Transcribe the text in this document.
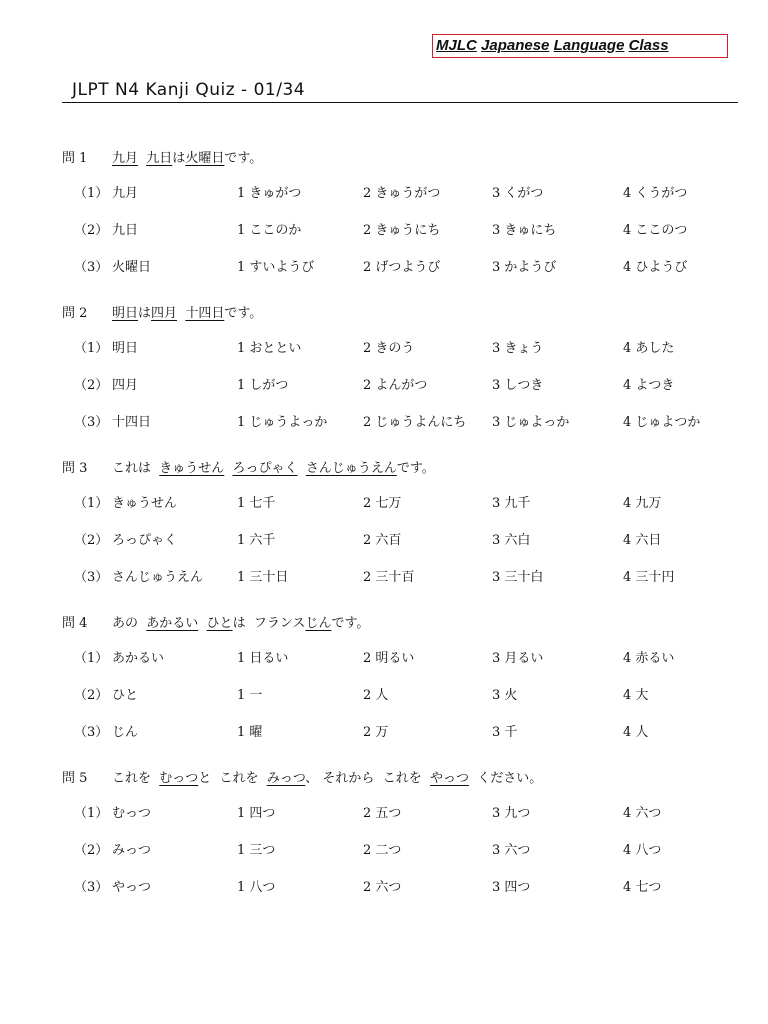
MJLC Japanese Language Class
JLPT N4 Kanji Quiz - 01/34
問 1 九月 九日は火曜日です。
（1） 九月	1 きゅがつ	2 きゅうがつ	3 くがつ	4 くうがつ
（2） 九日	1 ここのか	2 きゅうにち	3 きゅにち	4 ここのつ
（3） 火曜日	1 すいようび	2 げつようび	3 かようび	4 ひようび
問 2 明日は四月 十四日です。
（1） 明日	1 おととい	2 きのう	3 きょう	4 あした
（2） 四月	1 しがつ	2 よんがつ	3 しつき	4 よつき
（3） 十四日	1 じゅうよっか	2 じゅうよんにち 3 じゅよっか	4 じゅよつか
問 3 これは  きゅうせん ろっぴゃく さんじゅうえんです。
（1） きゅうせん	1 七千	2 七万	3 九千	4 九万
（2） ろっぴゃく	1 六千	2 六百	3 六白	4 六日
（3） さんじゅうえん	1 三十日	2 三十百	3 三十白	4 三十円
問 4 あの  あかるい ひとは  フランスじんです。
（1） あかるい	1 日るい	2 明るい	3 月るい	4 赤るい
（2） ひと	1 一	2 人	3 火	4 大
（3） じん	1 曜	2 万	3 千	4 人
問 5 これを  むっつと  これを  みっつ、 それから  これを  やっつ  ください。
（1） むっつ	1 四つ	2 五つ	3 九つ	4 六つ
（2） みっつ	1 三つ	2 二つ	3 六つ	4 八つ
（3） やっつ	1 八つ	2 六つ	3 四つ	4 七つ
